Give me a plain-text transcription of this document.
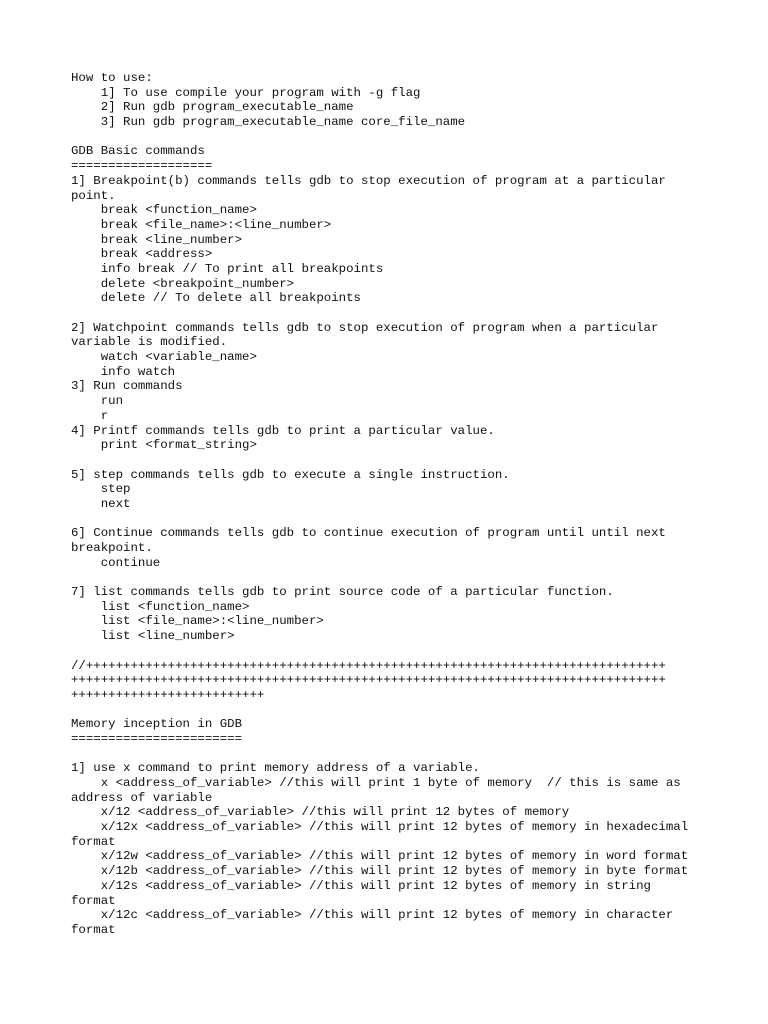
How to use:
1] To use compile your program with -g flag
2] Run gdb program_executable_name
3] Run gdb program_executable_name core_file_name
GDB Basic commands
===================
1] Breakpoint(b) commands tells gdb to stop execution of program at a particular
point.
break <function_name>
break <file_name>:<line_number>
break <line_number>
break <address>
info break // To print all breakpoints
delete <breakpoint_number>
delete // To delete all breakpoints
2] Watchpoint commands tells gdb to stop execution of program when a particular
variable is modified.
watch <variable_name>
info watch
3] Run commands
run
r
4] Printf commands tells gdb to print a particular value.
print <format_string>
5] step commands tells gdb to execute a single instruction.
step
next
6] Continue commands tells gdb to continue execution of program until until next
breakpoint.
continue
7] list commands tells gdb to print source code of a particular function.
list <function_name>
list <file_name>:<line_number>
list <line_number>
//++++++++++++++++++++++++++++++++++++++++++++++++++++++++++++++++++++++++++++++
++++++++++++++++++++++++++++++++++++++++++++++++++++++++++++++++++++++++++++++++
++++++++++++++++++++++++++
Memory inception in GDB
=======================
1] use x command to print memory address of a variable.
x <address_of_variable> //this will print 1 byte of memory  // this is same as
address of variable
x/12 <address_of_variable> //this will print 12 bytes of memory
x/12x <address_of_variable> //this will print 12 bytes of memory in hexadecimal
format
x/12w <address_of_variable> //this will print 12 bytes of memory in word format
x/12b <address_of_variable> //this will print 12 bytes of memory in byte format
x/12s <address_of_variable> //this will print 12 bytes of memory in string
format
x/12c <address_of_variable> //this will print 12 bytes of memory in character
format
